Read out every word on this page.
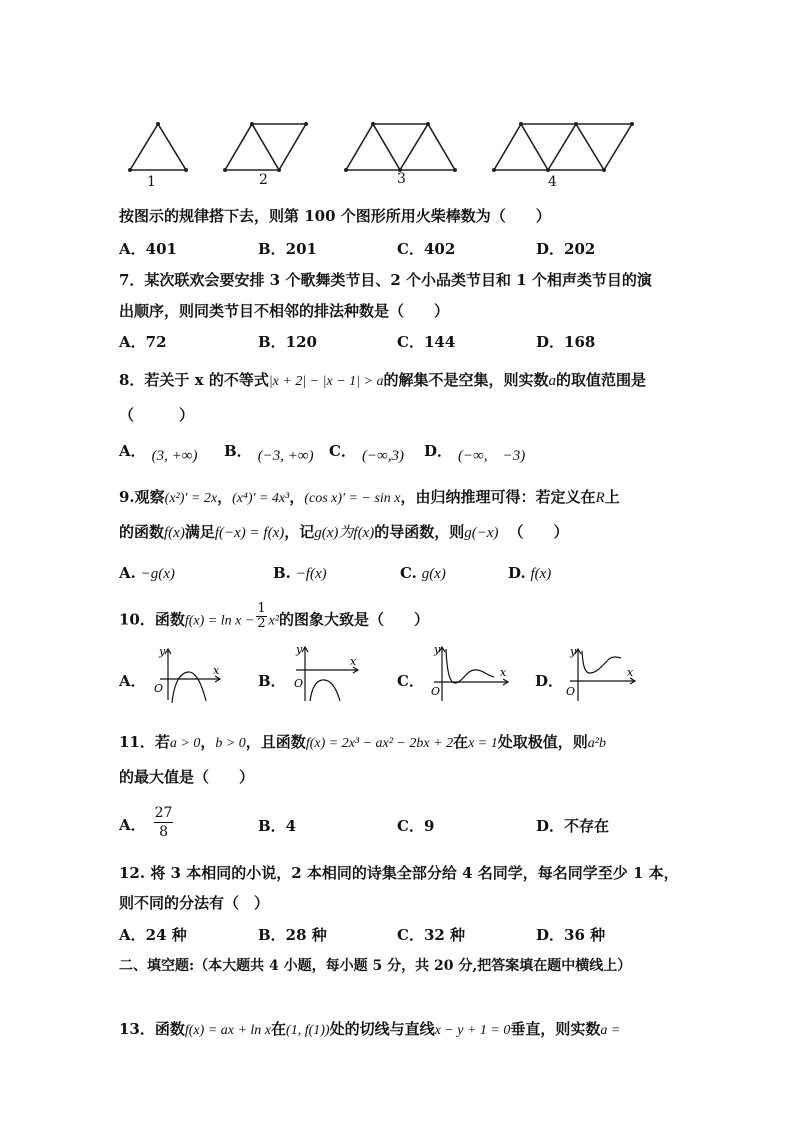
1	2	3	4
按图示的规律搭下去，则第 100 个图形所用火柴棒数为（　　）
A．401	B．201	C．402	D．202
7．某次联欢会要安排 3 个歌舞类节目、2 个小品类节目和 1 个相声类节目的演
出顺序，则同类节目不相邻的排法种数是（　　）
A．72	B．120	C．144	D．168
8．若关于 x 的不等式|x + 2| − |x − 1| > a的解集不是空集，则实数a的取值范围是
（　　　）
A． (3, +∞) B． (−3, +∞) C． (−∞,3) D． (−∞,　−3)
9.观察(x²)' = 2x，(x⁴)' = 4x³，(cos x)' = − sin x，由归纳推理可得：若定义在R上
的函数f(x)满足f(−x) = f(x)，记g(x)为f(x)的导函数，则g(−x) （　　）
A. −g(x)	B. −f(x)	C. g(x)	D. f(x)
10．函数$f(x) = \ln x - \frac{1}{2} x^2$的图象大致是（　　）
A．	B．	C．	D．
y
x
O
y
x
O
y
x
O
y
x
O
11．若a > 0，b > 0，且函数f(x) = 2x³ − ax² − 2bx + 2在x = 1处取极值，则a²b
的最大值是（　　）
A． $\frac{27}{8}$	B．4	C．9	D．不存在
12. 将 3 本相同的小说，2 本相同的诗集全部分给 4 名同学，每名同学至少 1 本，
则不同的分法有（　）
A．24 种	B．28 种	C．32 种	D．36 种
二、填空题:（本大题共 4 小题，每小题 5 分，共 20 分,把答案填在题中横线上）
13．函数f(x) = ax + ln x在(1, f(1))处的切线与直线x − y + 1 = 0垂直，则实数a =
